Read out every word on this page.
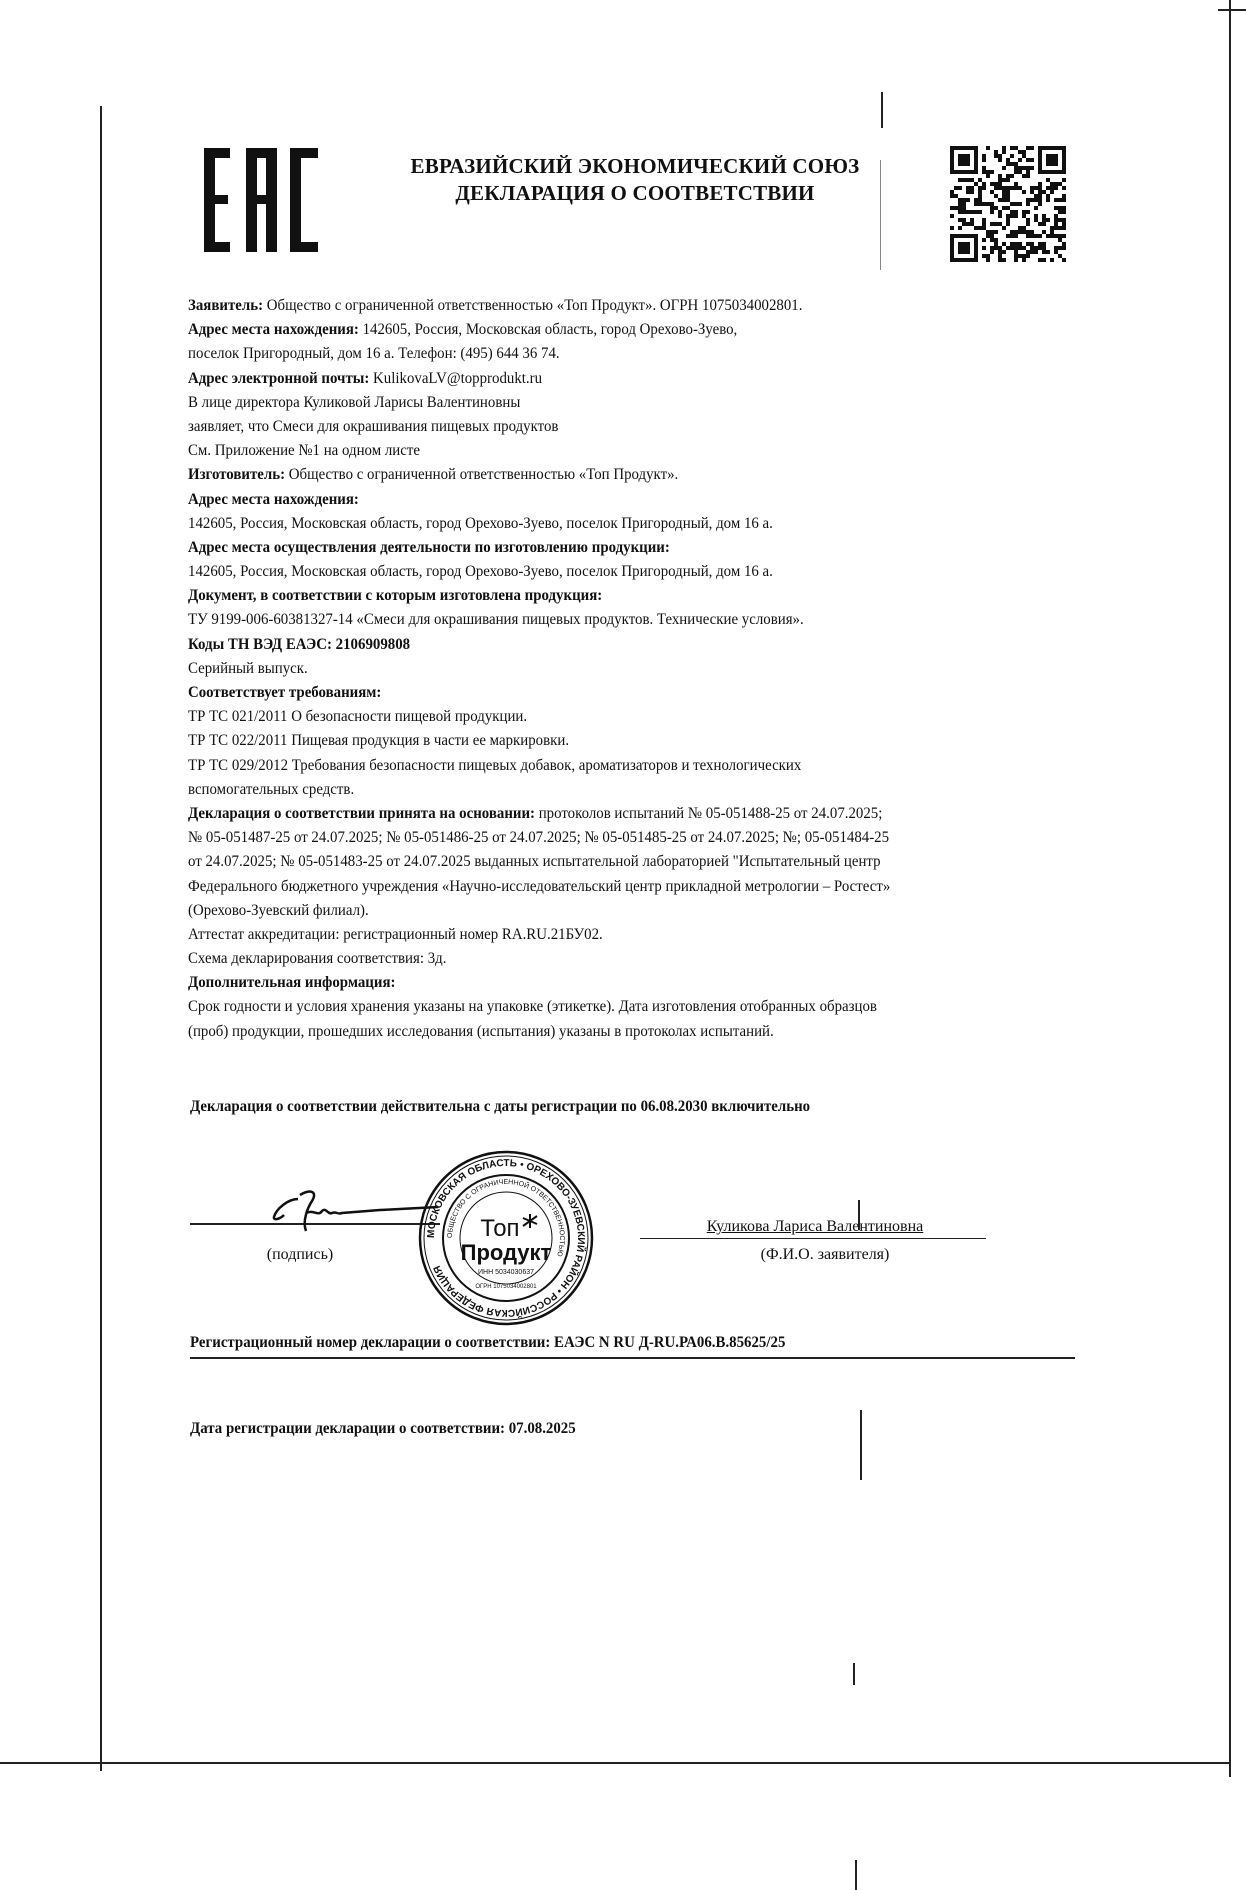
ЕВРАЗИЙСКИЙ ЭКОНОМИЧЕСКИЙ СОЮЗ
ДЕКЛАРАЦИЯ О СООТВЕТСТВИИ
Заявитель: Общество с ограниченной ответственностью «Топ Продукт». ОГРН 1075034002801.
Адрес места нахождения: 142605, Россия, Московская область, город Орехово-Зуево,
поселок Пригородный, дом 16 а. Телефон: (495) 644 36 74.
Адрес электронной почты: KulikovaLV@topprodukt.ru
В лице директора Куликовой Ларисы Валентиновны
заявляет, что Смеси для окрашивания пищевых продуктов
См. Приложение №1 на одном листе
Изготовитель: Общество с ограниченной ответственностью «Топ Продукт».
Адрес места нахождения:
142605, Россия, Московская область, город Орехово-Зуево, поселок Пригородный, дом 16 а.
Адрес места осуществления деятельности по изготовлению продукции:
142605, Россия, Московская область, город Орехово-Зуево, поселок Пригородный, дом 16 а.
Документ, в соответствии с которым изготовлена продукция:
ТУ 9199-006-60381327-14 «Смеси для окрашивания пищевых продуктов. Технические условия».
Коды ТН ВЭД ЕАЭС: 2106909808
Серийный выпуск.
Соответствует требованиям:
ТР ТС 021/2011 О безопасности пищевой продукции.
ТР ТС 022/2011 Пищевая продукция в части ее маркировки.
ТР ТС 029/2012 Требования безопасности пищевых добавок, ароматизаторов и технологических
вспомогательных средств.
Декларация о соответствии принята на основании: протоколов испытаний № 05-051488-25 от 24.07.2025;
№ 05-051487-25 от 24.07.2025; № 05-051486-25 от 24.07.2025; № 05-051485-25 от 24.07.2025; №; 05-051484-25
от 24.07.2025; № 05-051483-25 от 24.07.2025 выданных испытательной лабораторией "Испытательный центр
Федерального бюджетного учреждения «Научно-исследовательский центр прикладной метрологии – Ростест»
(Орехово-Зуевский филиал).
Аттестат аккредитации: регистрационный номер RA.RU.21БУ02.
Схема декларирования соответствия: 3д.
Дополнительная информация:
Срок годности и условия хранения указаны на упаковке (этикетке). Дата изготовления отобранных образцов
(проб) продукции, прошедших исследования (испытания) указаны в протоколах испытаний.
Декларация о соответствии действительна с даты регистрации по 06.08.2030 включительно
(подпись)
МОСКОВСКАЯ ОБЛАСТЬ • ОРЕХОВО-ЗУЕВСКИЙ РАЙОН • РОССИЙСКАЯ ФЕДЕРАЦИЯ
ОБЩЕСТВО С ОГРАНИЧЕННОЙ ОТВЕТСТВЕННОСТЬЮ
Топ
Продукт
ИНН 5034030637
ОГРН 1075034002801
Куликова Лариса Валентиновна
(Ф.И.О. заявителя)
Регистрационный номер декларации о соответствии: ЕАЭС N RU Д-RU.РА06.В.85625/25
Дата регистрации декларации о соответствии: 07.08.2025
